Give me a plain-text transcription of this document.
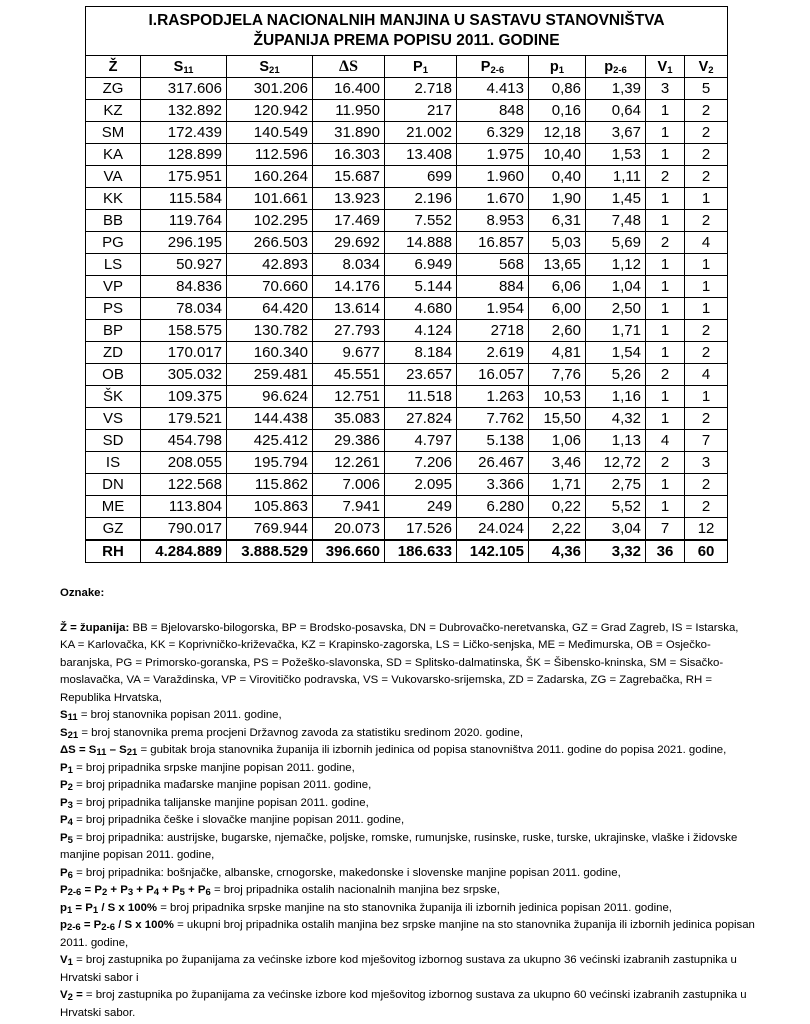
I.RASPODJELA NACIONALNIH MANJINA U SASTAVU STANOVNIŠTVA
ŽUPANIJA PREMA POPISU 2011. GODINE									
Ž	$S_{11}$	$S_{21}$	ΔS	$P_1$	$P_{2-6}$	$p_1$	$p_{2-6}$	$V_1$	$V_2$
ZG	317.606	301.206	16.400	2.718	4.413	0,86	1,39	3	5
KZ	132.892	120.942	11.950	217	848	0,16	0,64	1	2
SM	172.439	140.549	31.890	21.002	6.329	12,18	3,67	1	2
KA	128.899	112.596	16.303	13.408	1.975	10,40	1,53	1	2
VA	175.951	160.264	15.687	699	1.960	0,40	1,11	2	2
KK	115.584	101.661	13.923	2.196	1.670	1,90	1,45	1	1
BB	119.764	102.295	17.469	7.552	8.953	6,31	7,48	1	2
PG	296.195	266.503	29.692	14.888	16.857	5,03	5,69	2	4
LS	50.927	42.893	8.034	6.949	568	13,65	1,12	1	1
VP	84.836	70.660	14.176	5.144	884	6,06	1,04	1	1
PS	78.034	64.420	13.614	4.680	1.954	6,00	2,50	1	1
BP	158.575	130.782	27.793	4.124	2718	2,60	1,71	1	2
ZD	170.017	160.340	9.677	8.184	2.619	4,81	1,54	1	2
OB	305.032	259.481	45.551	23.657	16.057	7,76	5,26	2	4
ŠK	109.375	96.624	12.751	11.518	1.263	10,53	1,16	1	1
VS	179.521	144.438	35.083	27.824	7.762	15,50	4,32	1	2
SD	454.798	425.412	29.386	4.797	5.138	1,06	1,13	4	7
IS	208.055	195.794	12.261	7.206	26.467	3,46	12,72	2	3
DN	122.568	115.862	7.006	2.095	3.366	1,71	2,75	1	2
ME	113.804	105.863	7.941	249	6.280	0,22	5,52	1	2
GZ	790.017	769.944	20.073	17.526	24.024	2,22	3,04	7	12
RH	4.284.889	3.888.529	396.660	186.633	142.105	4,36	3,32	36	60

Oznake:

Ž = županija: BB = Bjelovarsko-bilogorska, BP = Brodsko-posavska, DN = Dubrovačko-neretvanska, GZ = Grad Zagreb, IS = Istarska, KA = Karlovačka, KK = Koprivničko-križevačka, KZ = Krapinsko-zagorska, LS = Ličko-senjska, ME = Međimurska, OB = Osječko-baranjska, PG = Primorsko-goranska, PS = Požeško-slavonska, SD = Splitsko-dalmatinska, ŠK = Šibensko-kninska, SM = Sisačko-moslavačka, VA = Varaždinska, VP = Virovitičko podravska, VS = Vukovarsko-srijemska, ZD = Zadarska, ZG = Zagrebačka, RH = Republika Hrvatska,

$S_{11}$ = broj stanovnika popisan 2011. godine,

$S_{21}$ = broj stanovnika prema procjeni Državnog zavoda za statistiku sredinom 2020. godine,

$\Delta S = S_{11} - S_{21}$ = gubitak broja stanovnika županija ili izbornih jedinica od popisa stanovništva 2011. godine do popisa 2021. godine,

$P_1$ = broj pripadnika srpske manjine popisan 2011. godine,

$P_2$ = broj pripadnika mađarske manjine popisan 2011. godine,

$P_3$ = broj pripadnika talijanske manjine popisan 2011. godine,

$P_4$ = broj pripadnika češke i slovačke manjine popisan 2011. godine,

$P_5$ = broj pripadnika: austrijske, bugarske, njemačke, poljske, romske, rumunjske, rusinske, ruske, turske, ukrajinske, vlaške i židovske manjine popisan 2011. godine,

$P_6$ = broj pripadnika: bošnjačke, albanske, crnogorske, makedonske i slovenske manjine popisan 2011. godine,

$P_{2-6} = P_2 + P_3 + P_4 + P_5 + P_6$ = broj pripadnika ostalih nacionalnih manjina bez srpske,

$p_1 = P_1 / S$ x 100% = broj pripadnika srpske manjine na sto stanovnika županija ili izbornih jedinica popisan 2011. godine,

$p_{2-6} = P_{2-6} / S$ x 100% = ukupni broj pripadnika ostalih manjina bez srpske manjine na sto stanovnika županija ili izbornih jedinica popisan 2011. godine,

$V_1$ = broj zastupnika po županijama za većinske izbore kod mješovitog izbornog sustava za ukupno 36 većinski izabranih zastupnika u Hrvatski sabor i

$V_2$ = = broj zastupnika po županijama za većinske izbore kod mješovitog izbornog sustava za ukupno 60 većinski izabranih zastupnika u Hrvatski sabor.
